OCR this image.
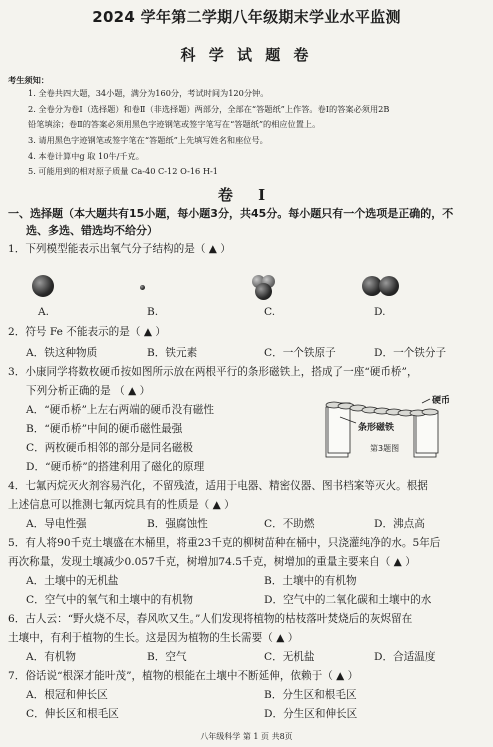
2024 学年第二学期八年级期末学业水平监测
科 学 试 题 卷
考生须知：
1. 全卷共四大题，34小题，满分为160分，考试时间为120分钟。
2. 全卷分为卷Ⅰ（选择题）和卷Ⅱ（非选择题）两部分，全部在“答题纸”上作答。卷Ⅰ的答案必须用2B
铅笔填涂；卷Ⅱ的答案必须用黑色字迹钢笔或签字笔写在“答题纸”的相应位置上。
3. 请用黑色字迹钢笔或签字笔在“答题纸”上先填写姓名和座位号。
4. 本卷计算中g 取 10牛/千克。
5. 可能用到的相对原子质量 Ca-40 C-12 O-16 H-1
卷 Ⅰ
一、选择题（本大题共有15小题，每小题3分，共45分。每小题只有一个选项是正确的，不
选、多选、错选均不给分）
1．下列模型能表示出氧气分子结构的是（ ▲ ）
A.	B.	C.	D.
2．符号 Fe 不能表示的是（ ▲ ）
A．铁这种物质	B．铁元素	C．一个铁原子	D．一个铁分子
3．小康同学将数枚硬币按如图所示放在两根平行的条形磁铁上，搭成了一座“硬币桥”，
下列分析正确的是 （ ▲ ）
A．“硬币桥”上左右两端的硬币没有磁性
B．“硬币桥”中间的硬币磁性最强
C．两枚硬币相邻的部分是同名磁极
D．“硬币桥”的搭建利用了磁化的原理
硬币
条形磁铁
第3题图
4．七氟丙烷灭火剂容易汽化，不留残渣，适用于电器、精密仪器、图书档案等灭火。根据
上述信息可以推测七氟丙烷具有的性质是（ ▲ ）
A．导电性强	B．强腐蚀性	C．不助燃	D．沸点高
5．有人将90千克土壤盛在木桶里，将重23千克的柳树苗种在桶中，只浇灌纯净的水。5年后
再次称量，发现土壤减少0.057千克，树增加74.5千克，树增加的重量主要来自（ ▲ ）
A．土壤中的无机盐	B．土壤中的有机物
C．空气中的氧气和土壤中的有机物	D．空气中的二氧化碳和土壤中的水
6．古人云：“野火烧不尽，春风吹又生。”人们发现将植物的枯枝落叶焚烧后的灰烬留在
土壤中，有利于植物的生长。这是因为植物的生长需要（ ▲ ）
A．有机物	B．空气	C．无机盐	D．合适温度
7．俗话说“根深才能叶茂”，植物的根能在土壤中不断延伸，依赖于（ ▲ ）
A．根冠和伸长区	B．分生区和根毛区
C．伸长区和根毛区	D．分生区和伸长区
八年级科学 第 1 页 共8页
